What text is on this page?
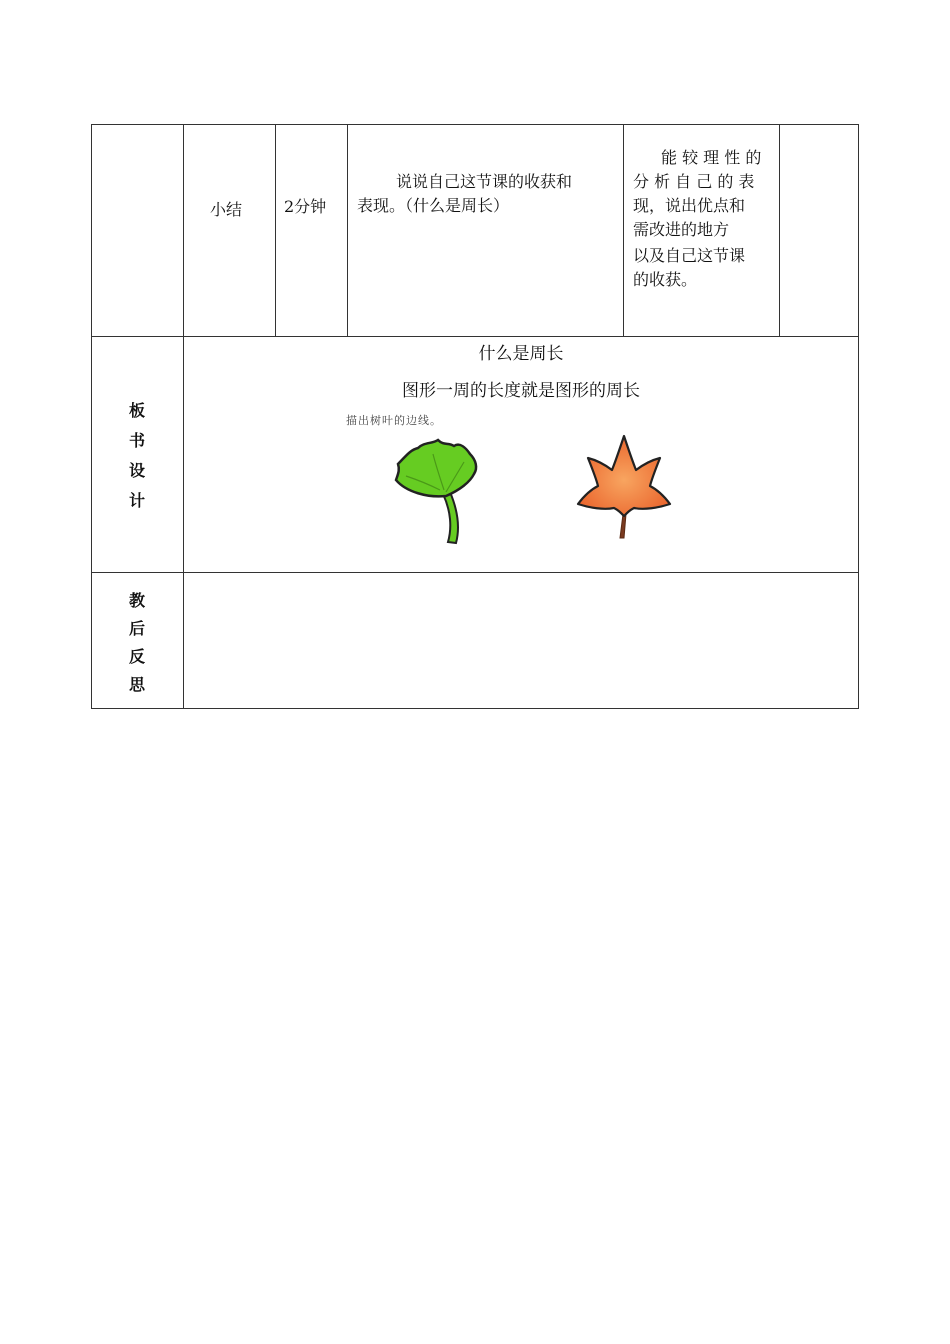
小结	2分钟
说说自己这节课的收获和
表现。（什么是周长）
能 较 理 性 的
分 析 自 己 的 表
现，说出优点和
需改进的地方
以及自己这节课
的收获。
板
书
设
计
什么是周长
图形一周的长度就是图形的周长
描出树叶的边线。
教
后
反
思
